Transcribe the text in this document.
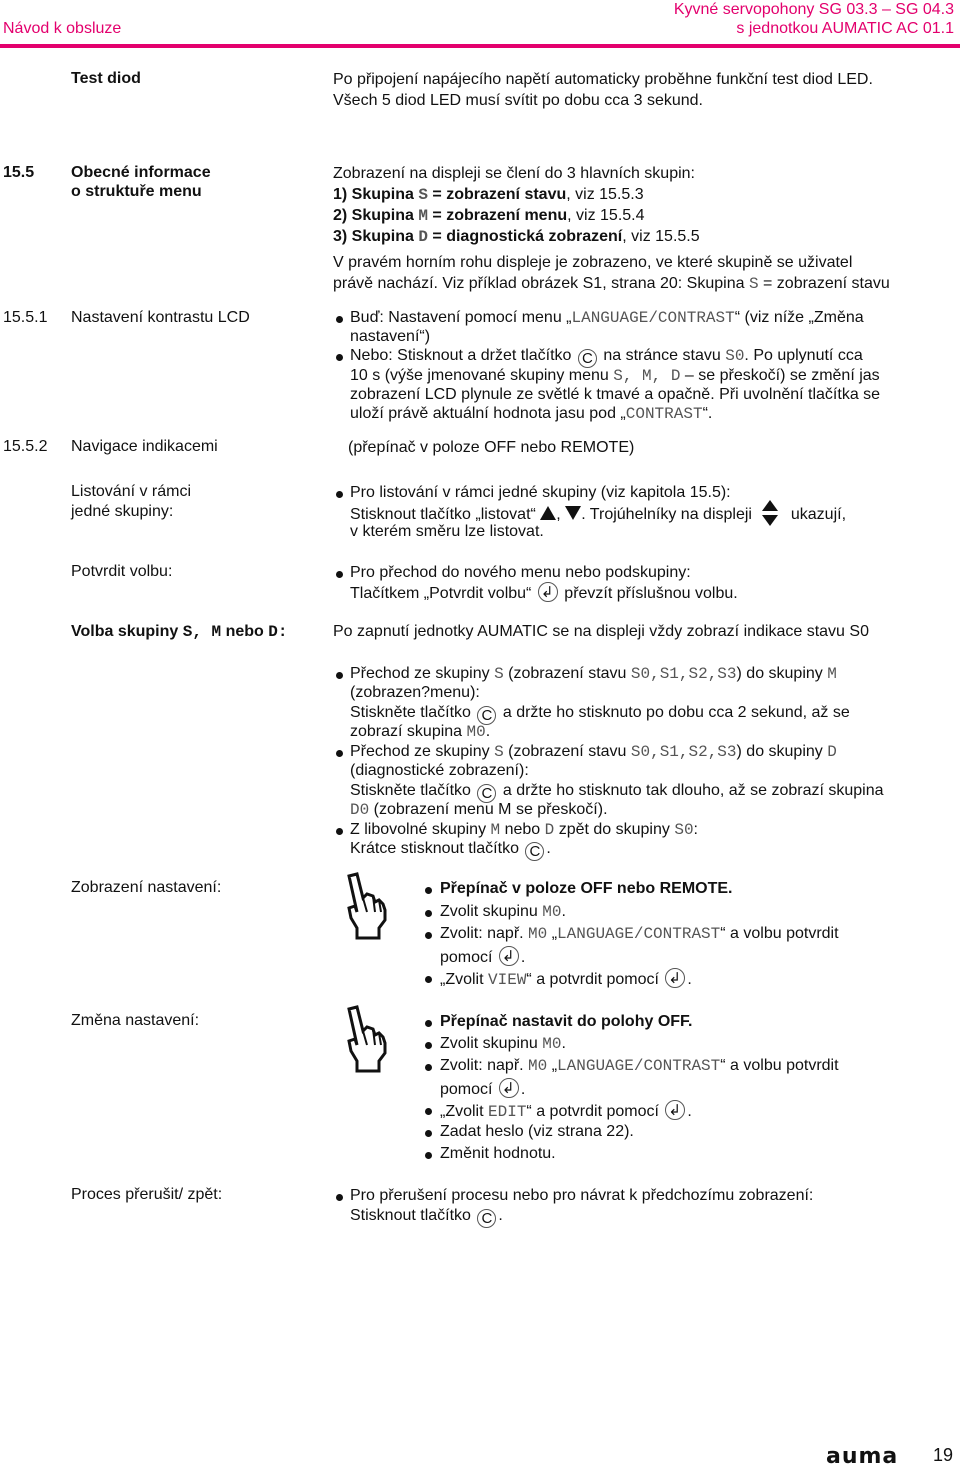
Návod k obsluze
Kyvné servopohony SG 03.3 – SG 04.3
s jednotkou AUMATIC AC 01.1
Test diod	Po připojení napájecího napětí automaticky proběhne funkční test diod LED.
Všech 5 diod LED musí svítit po dobu cca 3 sekund.
15.5 Obecné informace
o struktuře menu
Zobrazení na displeji se člení do 3 hlavních skupin:
1) Skupina S = zobrazení stavu, viz 15.5.3
2) Skupina M = zobrazení menu, viz 15.5.4
3) Skupina D = diagnostická zobrazení, viz 15.5.5
V pravém horním rohu displeje je zobrazeno, ve které skupině se uživatel
právě nachází. Viz příklad obrázek S1, strana 20: Skupina S = zobrazení stavu
15.5.1 Nastavení kontrastu LCD	Buď: Nastavení pomocí menu „LANGUAGE/CONTRAST“ (viz níže „Změna
nastavení“)
Nebo: Stisknout a držet tlačítko C na stránce stavu S0. Po uplynutí cca
10 s (výše jmenované skupiny menu S, M, D – se přeskočí) se změní jas
zobrazení LCD plynule ze světlé k tmavé a opačně. Při uvolnění tlačítka se
uloží právě aktuální hodnota jasu pod „CONTRAST“.
15.5.2 Navigace indikacemi	(přepínač v poloze OFF nebo REMOTE)
Listování v rámci
jedné skupiny:
Pro listování v rámci jedné skupiny (viz kapitola 15.5):
Stisknout tlačítko „listovat“ , . Trojúhelníky na displeji ukazují,
v kterém směru lze listovat.
Potvrdit volbu:	Pro přechod do nového menu nebo podskupiny:
Tlačítkem „Potvrdit volbu“ ↲ převzít příslušnou volbu.
Volba skupiny S, M nebo D:	Po zapnutí jednotky AUMATIC se na displeji vždy zobrazí indikace stavu S0
Přechod ze skupiny S (zobrazení stavu S0,S1,S2,S3) do skupiny M
(zobrazen?menu):
Stiskněte tlačítko C a držte ho stisknuto po dobu cca 2 sekund, až se
zobrazí skupina M0.
Přechod ze skupiny S (zobrazení stavu S0,S1,S2,S3) do skupiny D
(diagnostické zobrazení):
Stiskněte tlačítko C a držte ho stisknuto tak dlouho, až se zobrazí skupina
D0 (zobrazení menu M se přeskočí).
Z libovolné skupiny M nebo D zpět do skupiny S0:
Krátce stisknout tlačítko C .
Zobrazení nastavení:	Přepínač v poloze OFF nebo REMOTE.
Zvolit skupinu M0.
Zvolit: např. M0 „LANGUAGE/CONTRAST“ a volbu potvrdit
pomocí ↲ .
„Zvolit VIEW“ a potvrdit pomocí ↲ .
Změna nastavení:	Přepínač nastavit do polohy OFF.
Zvolit skupinu M0.
Zvolit: např. M0 „LANGUAGE/CONTRAST“ a volbu potvrdit
pomocí ↲ .
„Zvolit EDIT“ a potvrdit pomocí ↲ .
Zadat heslo (viz strana 22).
Změnit hodnotu.
Proces přerušit/ zpět:	Pro přerušení procesu nebo pro návrat k předchozímu zobrazení:
Stisknout tlačítko C .
auma 19
